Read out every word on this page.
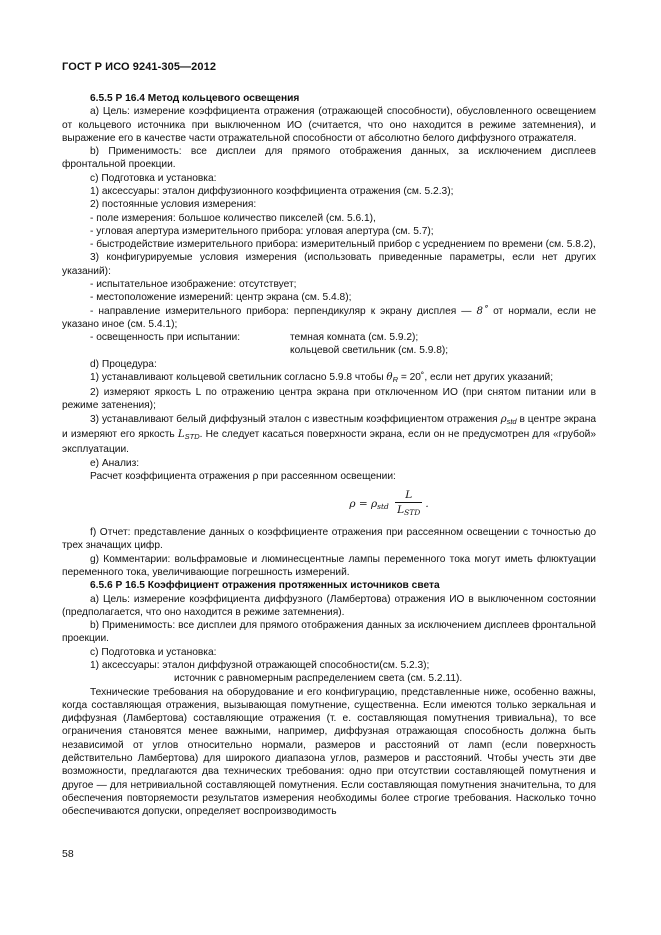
ГОСТ Р ИСО 9241-305—2012

6.5.5 Р 16.4 Метод кольцевого освещения

а) Цель: измерение коэффициента отражения (отражающей способности), обусловленного освещением от кольцевого источника при выключенном ИО (считается, что оно находится в режиме затемнения), и выражение его в качестве части отражательной способности от абсолютно белого диффузного отражателя.

b) Применимость: все дисплеи для прямого отображения данных, за исключением дисплеев фронтальной проекции.

с) Подготовка и установка:

1) аксессуары: эталон диффузионного коэффициента отражения (см. 5.2.3);

2) постоянные условия измерения:

- поле измерения: большое количество пикселей (см. 5.6.1),

- угловая апертура измерительного прибора: угловая апертура (см. 5.7);

- быстродействие измерительного прибора: измерительный прибор с усреднением по времени (см. 5.8.2),

3) конфигурируемые условия измерения (использовать приведенные параметры, если нет других указаний):

- испытательное изображение: отсутствует;

- местоположение измерений: центр экрана (см. 5.4.8);

- направление измерительного прибора: перпендикуляр к экрану дисплея — 8˚ от нормали, если не указано иное (см. 5.4.1);

- освещенность при испытании:	темная комната (см. 5.9.2);

кольцевой светильник (см. 5.9.8);

d) Процедура:

1) устанавливают кольцевой светильник согласно 5.9.8 чтобы $\theta_R$ = 20˚, если нет других указаний;

2) измеряют яркость L по отражению центра экрана при отключенном ИО (при снятом питании или в режиме затенения);

3) устанавливают белый диффузный эталон с известным коэффициентом отражения $\rho_{std}$ в центре экрана и измеряют его яркость $L_{STD}$. Не следует касаться поверхности экрана, если он не предусмотрен для «грубой» эксплуатации.

е) Анализ:

Расчет коэффициента отражения ρ при рассеянном освещении:

$\rho = \rho_{std} \frac{L}{L_{STD}}$ .

f) Отчет: представление данных о коэффициенте отражения при рассеянном освещении с точностью до трех значащих цифр.

g) Комментарии: вольфрамовые и люминесцентные лампы переменного тока могут иметь флюктуации переменного тока, увеличивающие погрешность измерений.

6.5.6 Р 16.5 Коэффициент отражения протяженных источников света

а) Цель: измерение коэффициента диффузного (Ламбертова) отражения ИО в выключенном состоянии (предполагается, что оно находится в режиме затемнения).

b) Применимость: все дисплеи для прямого отображения данных за исключением дисплеев фронтальной проекции.

с) Подготовка и установка:

1) аксессуары: эталон диффузной отражающей способности(см. 5.2.3);

источник с равномерным распределением света (см. 5.2.11).

Технические требования на оборудование и его конфигурацию, представленные ниже, особенно важны, когда составляющая отражения, вызывающая помутнение, существенна. Если имеются только зеркальная и диффузная (Ламбертова) составляющие отражения (т. е. составляющая помутнения тривиальна), то все ограничения становятся менее важными, например, диффузная отражающая способность должна быть независимой от углов относительно нормали, размеров и расстояний от ламп (если поверхность действительно Ламбертова) для широкого диапазона углов, размеров и расстояний. Чтобы учесть эти две возможности, предлагаются два технических требования: одно при отсутствии составляющей помутнения и другое — для нетривиальной составляющей помутнения. Если составляющая помутнения значительна, то для обеспечения повторяемости результатов измерения необходимы более строгие требования. Насколько точно обеспечиваются допуски, определяет воспроизводимость

58
